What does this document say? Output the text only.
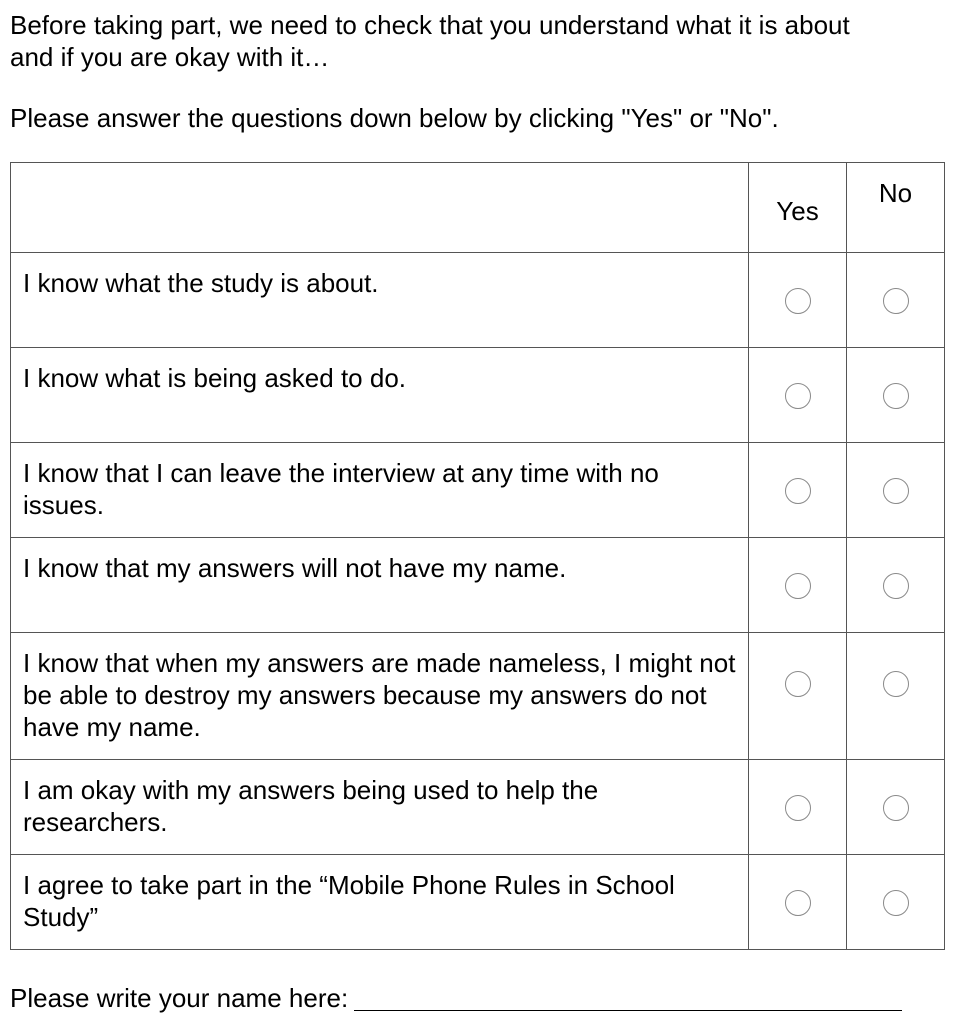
Before taking part, we need to check that you understand what it is about
and if you are okay with it…

Please answer the questions down below by clicking "Yes" or "No".

	Yes	No
I know what the study is about.		
I know what is being asked to do.		
I know that I can leave the interview at any time with no issues.		
I know that my answers will not have my name.		
I know that when my answers are made nameless, I might not be able to destroy my answers because my answers do not have my name.		
I am okay with my answers being used to help the researchers.		
I agree to take part in the “Mobile Phone Rules in School Study”		

Please write your name here:
